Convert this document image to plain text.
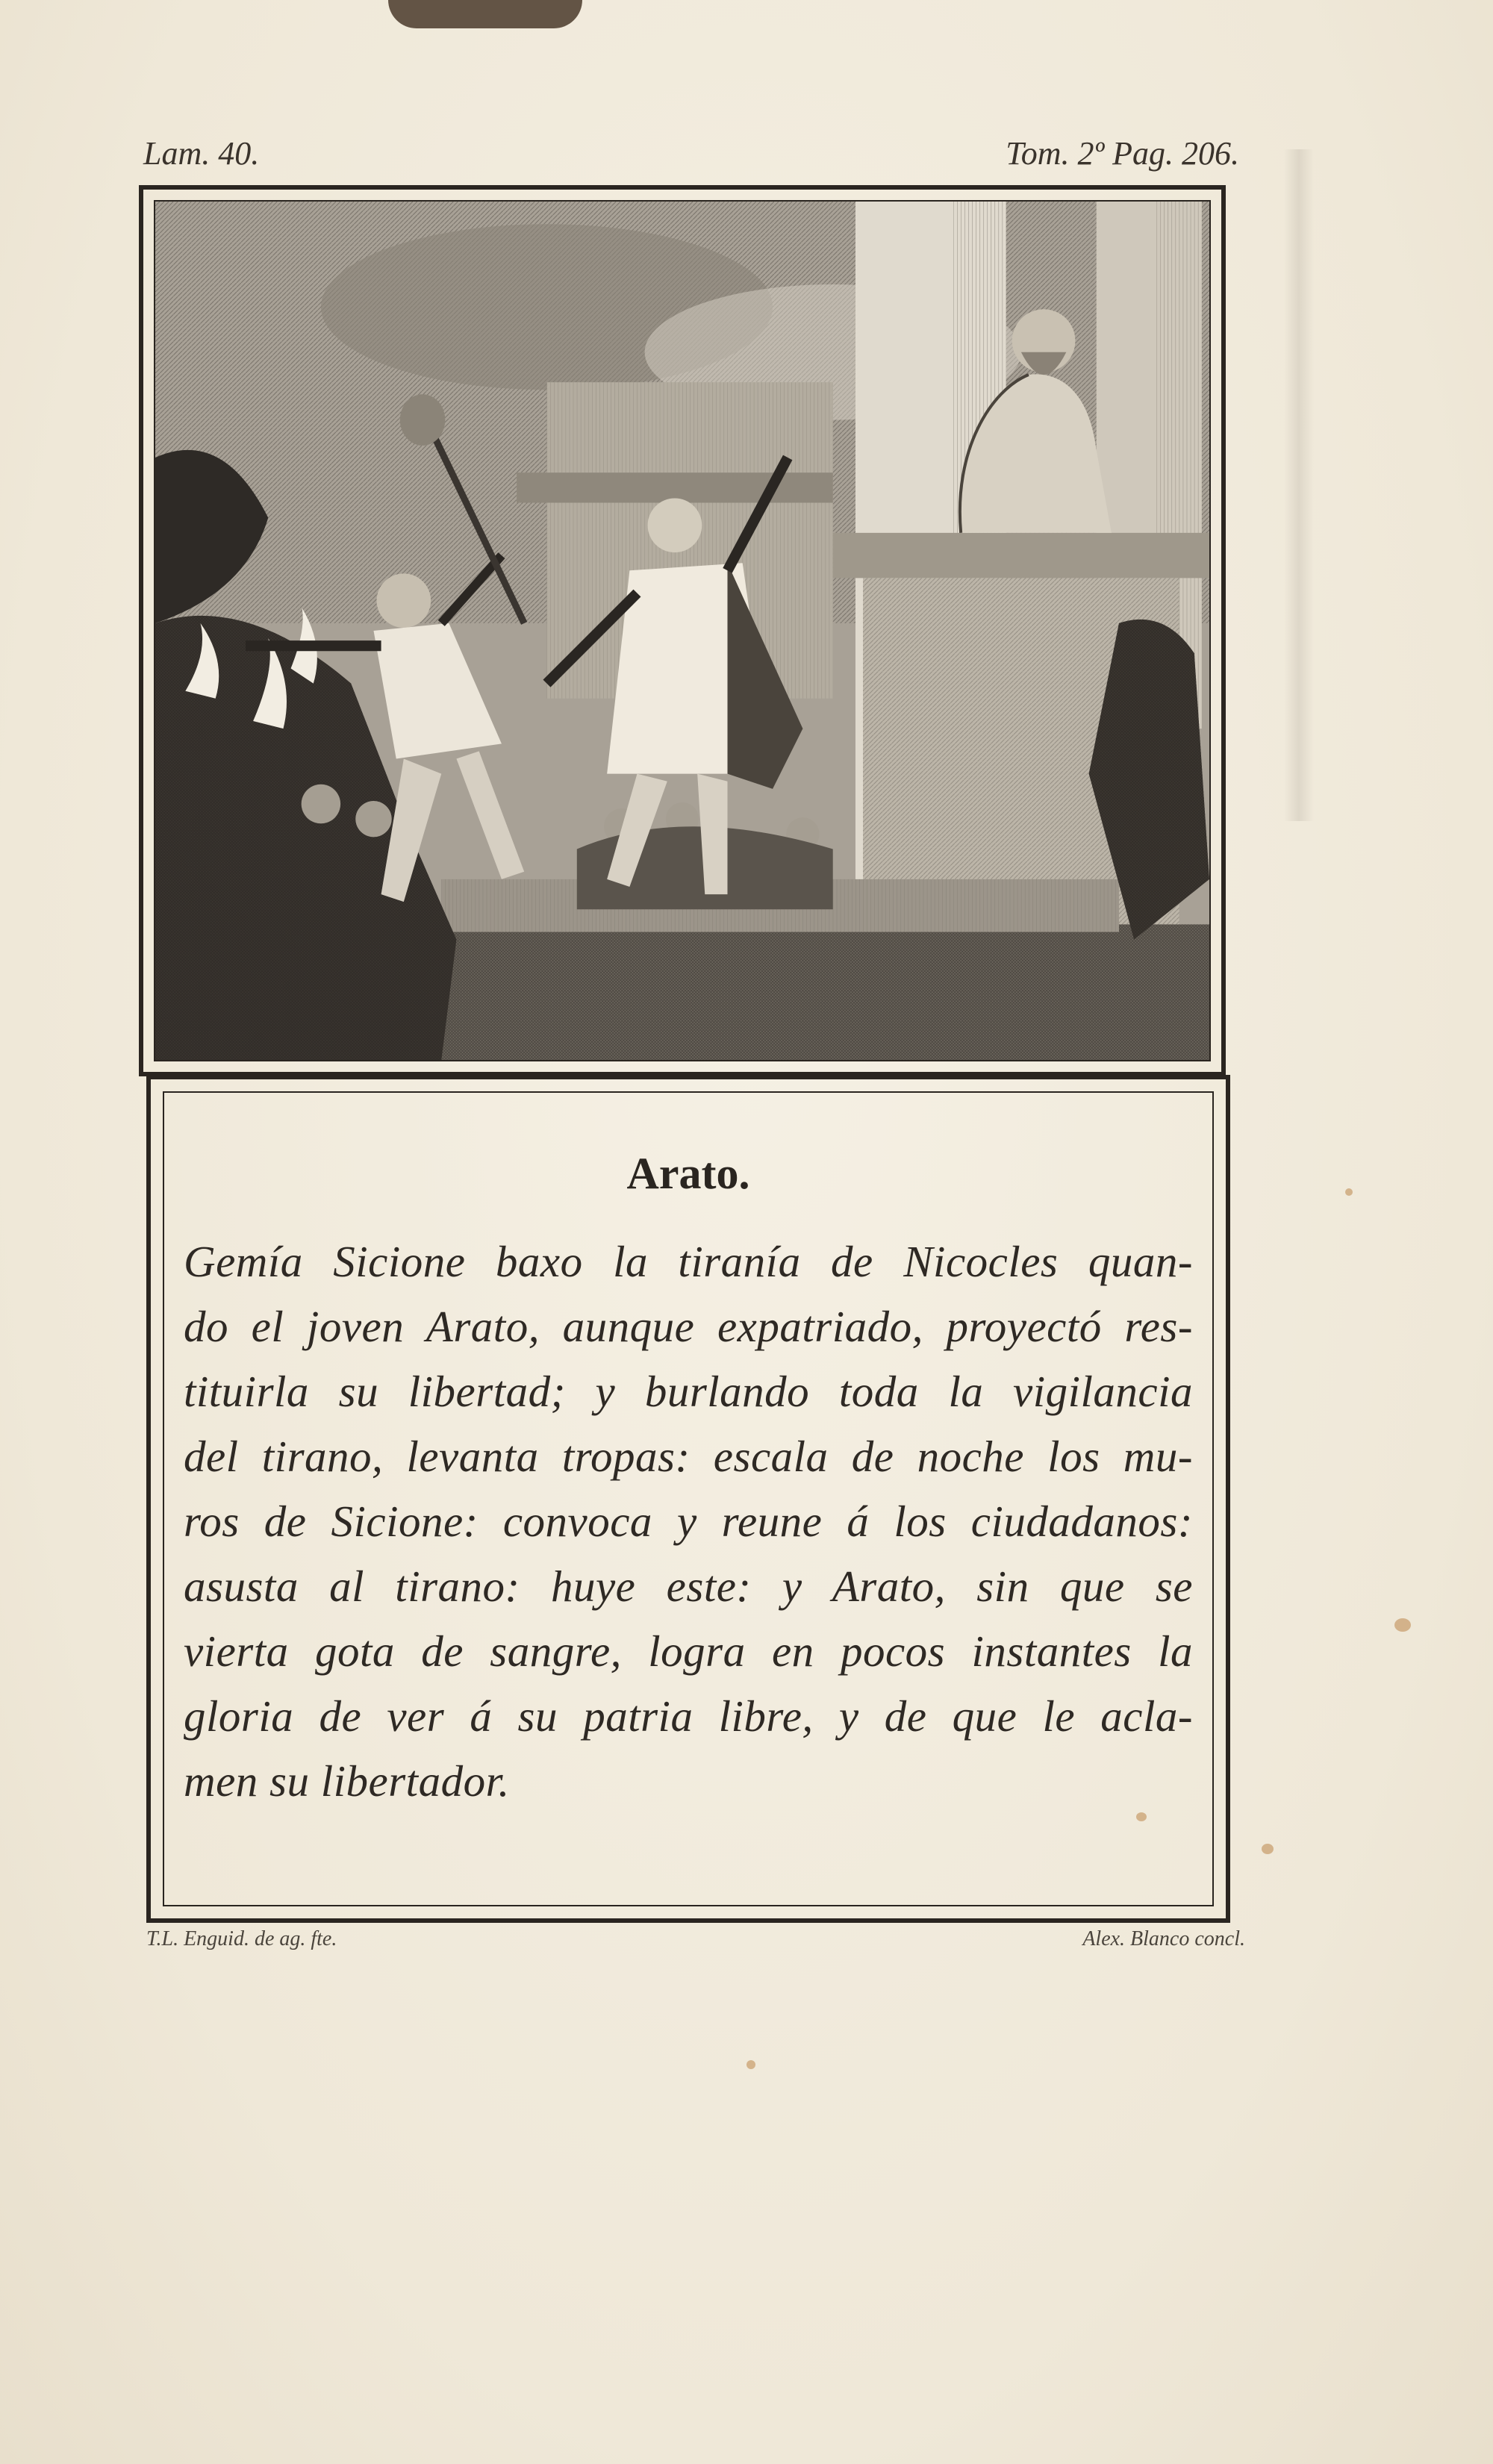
Lam. 40.	Tom. 2º Pag. 206.
Arato.
Gemía Sicione baxo la tiranía de Nicocles quan-
do el joven Arato, aunque expatriado, proyectó res-
tituirla su libertad; y burlando toda la vigilancia
del tirano, levanta tropas: escala de noche los mu-
ros de Sicione: convoca y reune á los ciudadanos:
asusta al tirano: huye este: y Arato, sin que se
vierta gota de sangre, logra en pocos instantes la
gloria de ver á su patria libre, y de que le acla-
men su libertador.
T.L. Enguid. de ag. fte.	Alex. Blanco concl.
